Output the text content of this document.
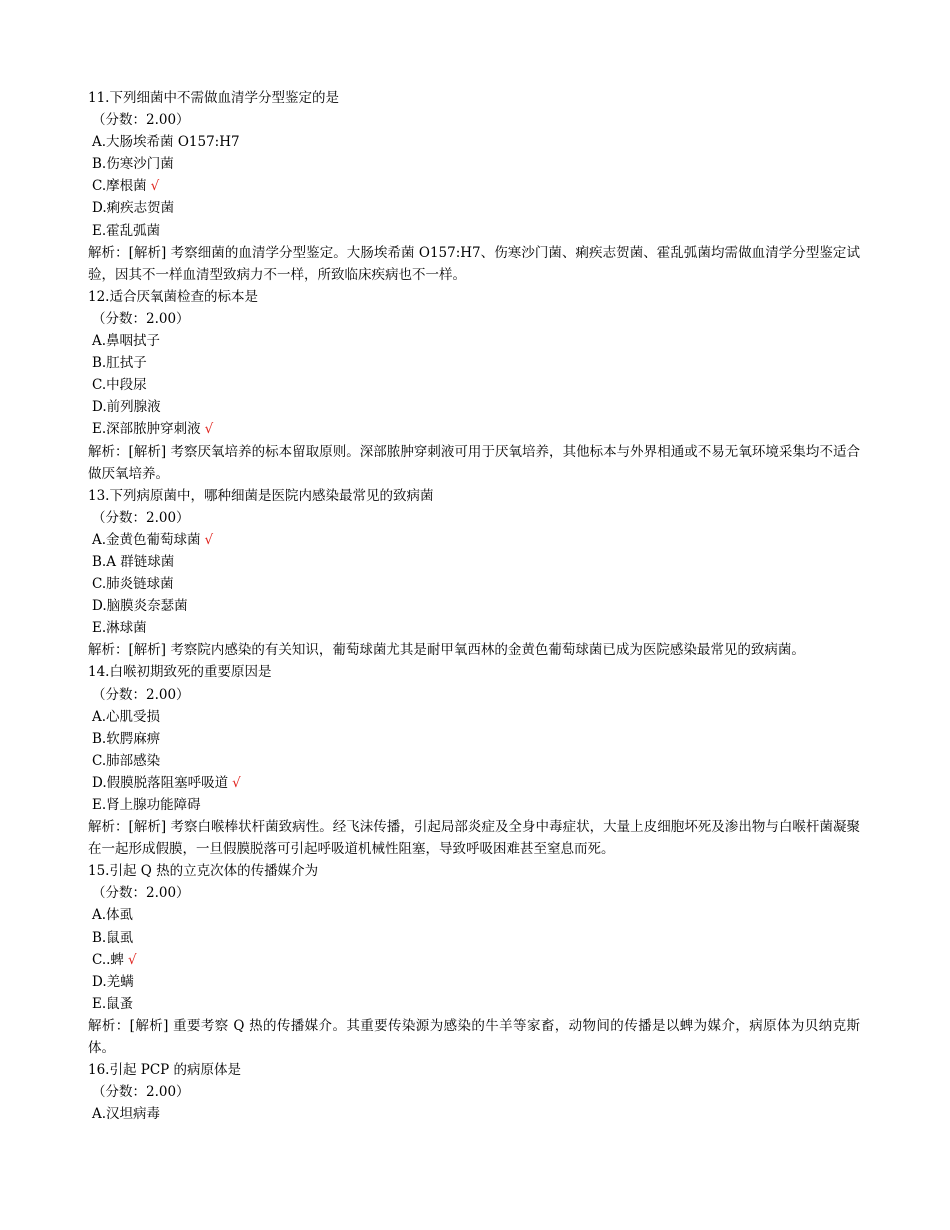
11.下列细菌中不需做血清学分型鉴定的是
（分数：2.00）
A.大肠埃希菌 O157:H7
B.伤寒沙门菌
C.摩根菌 √
D.痢疾志贺菌
E.霍乱弧菌
解析：[解析] 考察细菌的血清学分型鉴定。大肠埃希菌 O157:H7、伤寒沙门菌、痢疾志贺菌、霍乱弧菌均需做血清学分型鉴定试验，因其不一样血清型致病力不一样，所致临床疾病也不一样。
12.适合厌氧菌检查的标本是
（分数：2.00）
A.鼻咽拭子
B.肛拭子
C.中段尿
D.前列腺液
E.深部脓肿穿刺液 √
解析：[解析] 考察厌氧培养的标本留取原则。深部脓肿穿刺液可用于厌氧培养，其他标本与外界相通或不易无氧环境采集均不适合做厌氧培养。
13.下列病原菌中，哪种细菌是医院内感染最常见的致病菌
（分数：2.00）
A.金黄色葡萄球菌 √
B.A 群链球菌
C.肺炎链球菌
D.脑膜炎奈瑟菌
E.淋球菌
解析：[解析] 考察院内感染的有关知识，葡萄球菌尤其是耐甲氧西林的金黄色葡萄球菌已成为医院感染最常见的致病菌。
14.白喉初期致死的重要原因是
（分数：2.00）
A.心肌受损
B.软腭麻痹
C.肺部感染
D.假膜脱落阻塞呼吸道 √
E.肾上腺功能障碍
解析：[解析] 考察白喉棒状杆菌致病性。经飞沫传播，引起局部炎症及全身中毒症状，大量上皮细胞坏死及渗出物与白喉杆菌凝聚在一起形成假膜，一旦假膜脱落可引起呼吸道机械性阻塞，导致呼吸困难甚至窒息而死。
15.引起 Q 热的立克次体的传播媒介为
（分数：2.00）
A.体虱
B.鼠虱
C..蜱 √
D.羌螨
E.鼠蚤
解析：[解析] 重要考察 Q 热的传播媒介。其重要传染源为感染的牛羊等家畜，动物间的传播是以蜱为媒介，病原体为贝纳克斯体。
16.引起 PCP 的病原体是
（分数：2.00）
A.汉坦病毒
